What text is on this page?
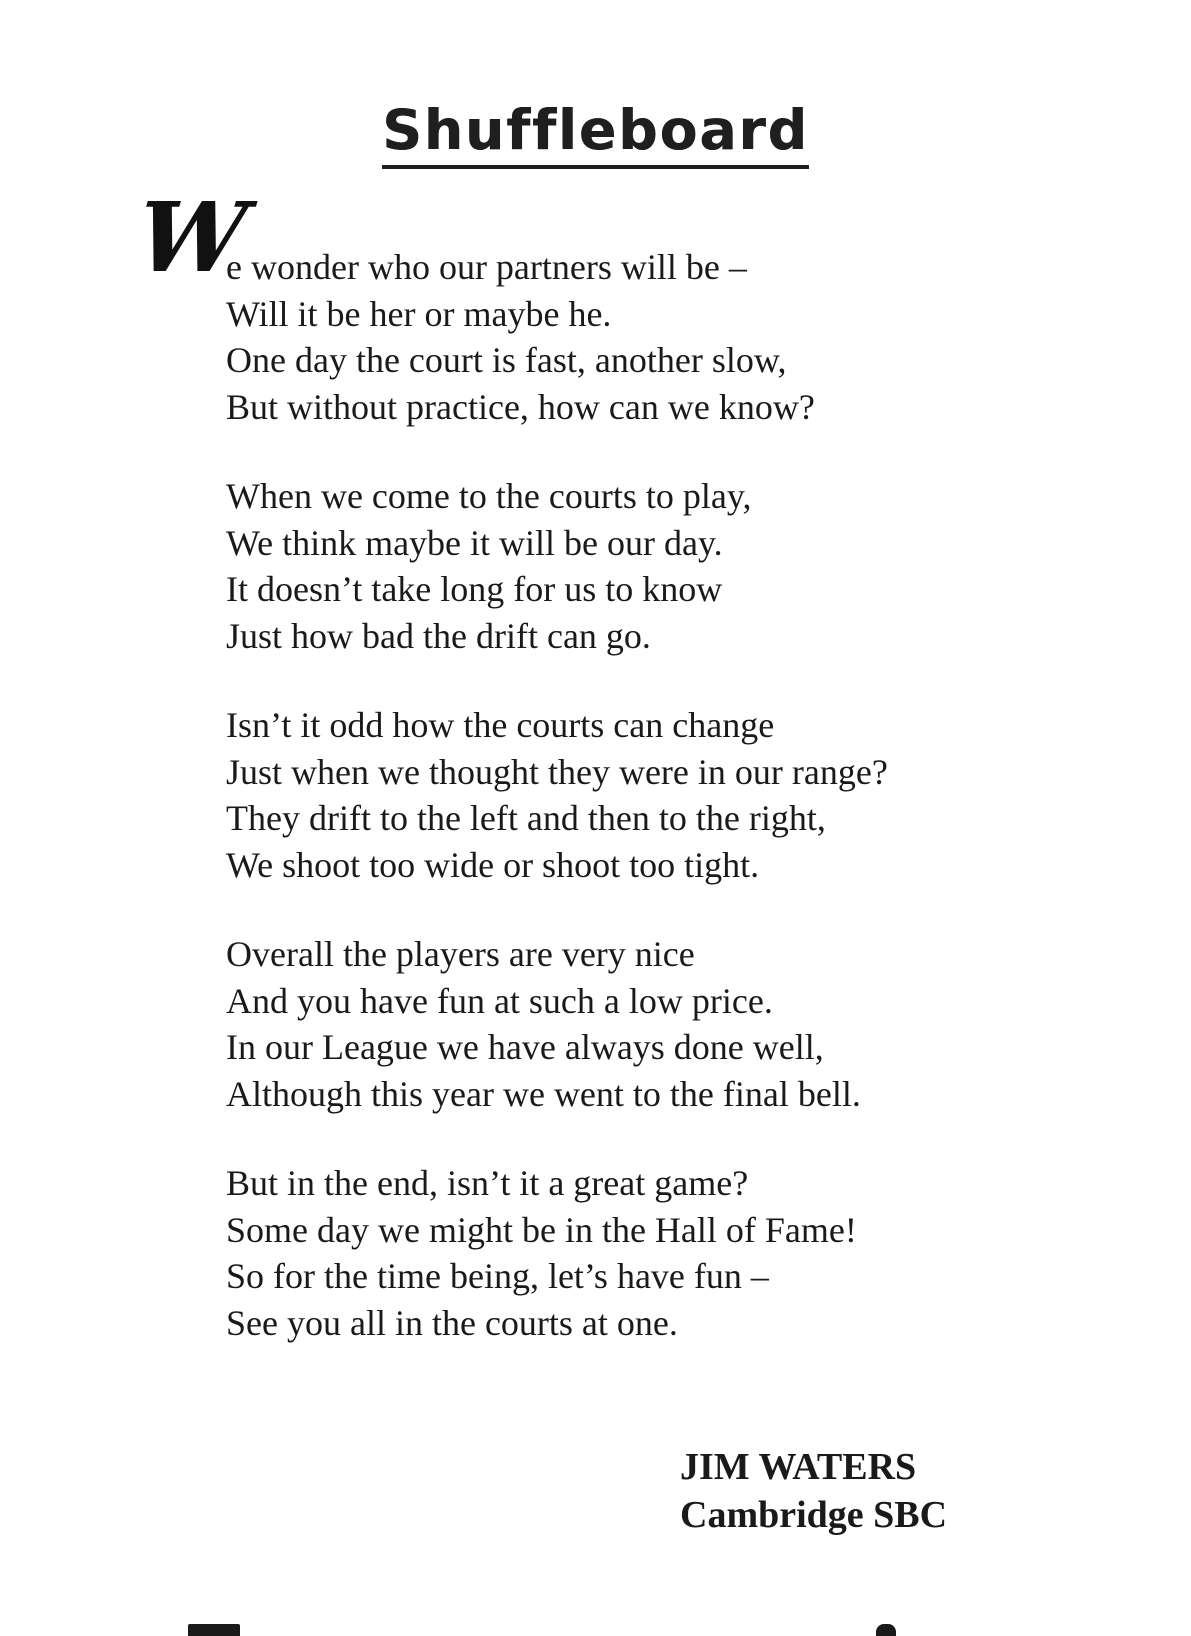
Shuffleboard
W
e wonder who our partners will be –
Will it be her or maybe he.
One day the court is fast, another slow,
But without practice, how can we know?
When we come to the courts to play,
We think maybe it will be our day.
It doesn’t take long for us to know
Just how bad the drift can go.
Isn’t it odd how the courts can change
Just when we thought they were in our range?
They drift to the left and then to the right,
We shoot too wide or shoot too tight.
Overall the players are very nice
And you have fun at such a low price.
In our League we have always done well,
Although this year we went to the final bell.
But in the end, isn’t it a great game?
Some day we might be in the Hall of Fame!
So for the time being, let’s have fun –
See you all in the courts at one.
JIM WATERS
Cambridge SBC
